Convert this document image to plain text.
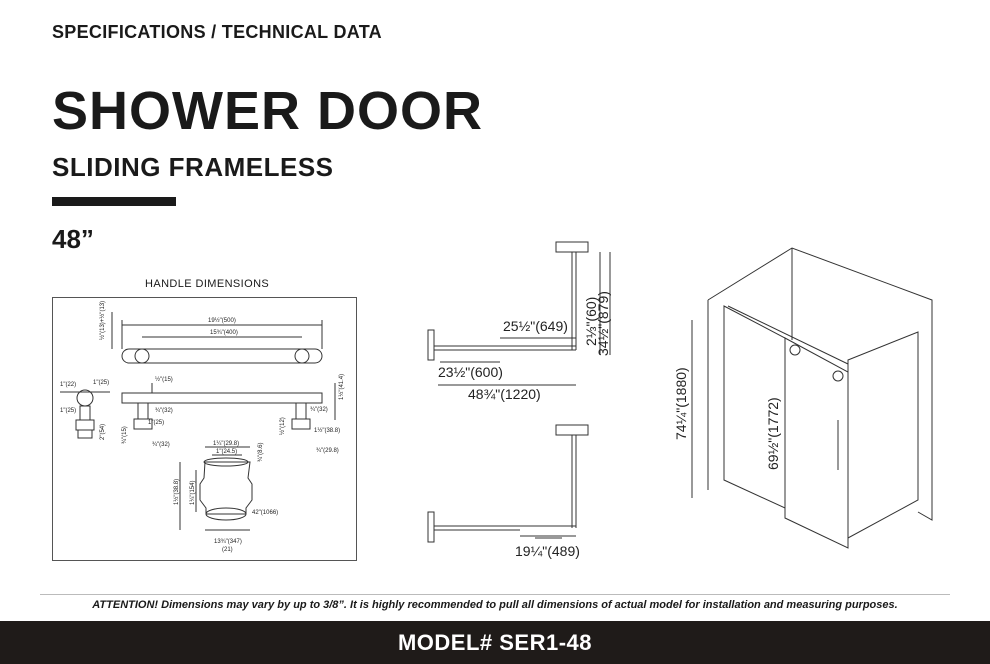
SPECIFICATIONS / TECHNICAL DATA
SHOWER DOOR
SLIDING FRAMELESS
48”
HANDLE DIMENSIONS
19½"(500)
15¾"(400)
½"(15)
½"(13)+½"(13)
1"(22)	1"(25)
1"(25)	¾"(32)	¾"(32)
¾"(32)
2"(54)	¾"(15)
1"(25)
1½"(38.8)
¾"(29.8)
½"(12)
1½"(41.4)
1¼"(29.8)
1"(24.5)	¾"(8.6)
1½"(38.8) 1¼"(154)
42"(1066)
13¾"(347)
(21)
25½"(649) 2⅓"(60)
34½"(879)
23½"(600)
48¾"(1220)
19¼"(489)
74¼"(1880)	69½"(1772)
ATTENTION! Dimensions may vary by up to 3/8”. It is highly recommended to pull all dimensions of actual model for installation and measuring purposes.
MODEL# SER1-48
